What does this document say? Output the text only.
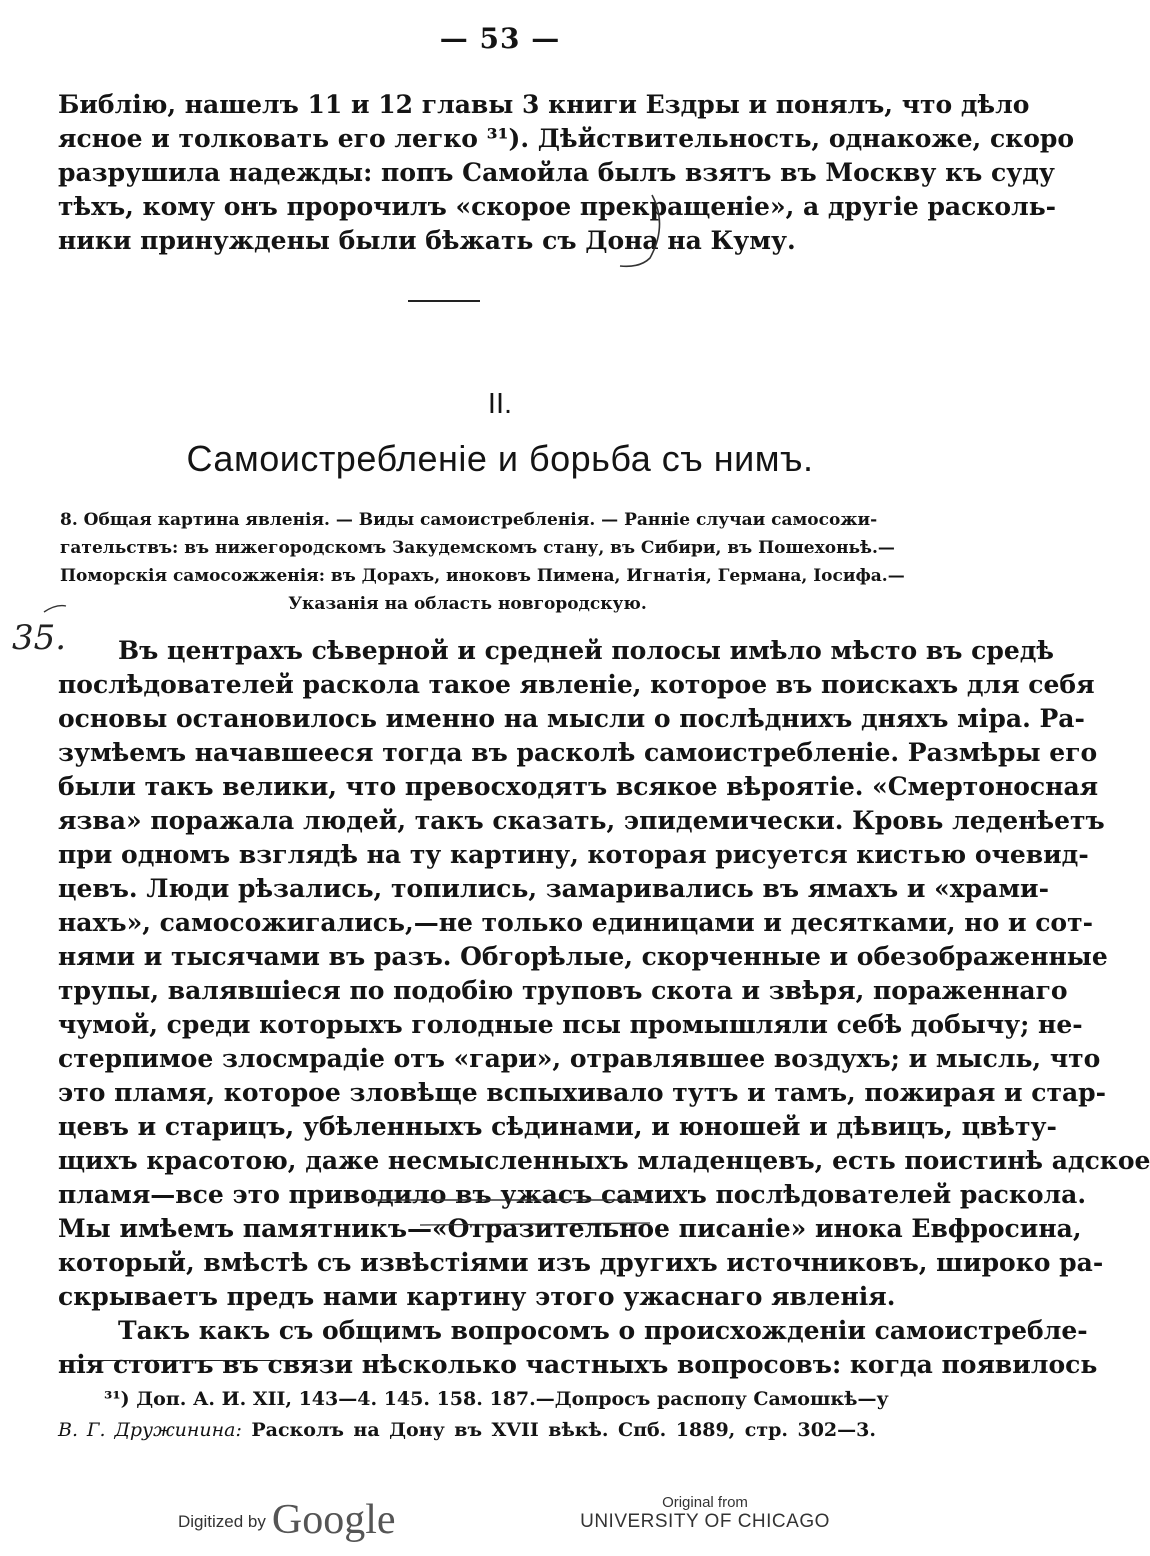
— 53 —
Библію, нашелъ 11 и 12 главы 3 книги Ездры и понялъ, что дѣло
ясное и толковать его легко ³¹). Дѣйствительность, однакоже, скоро
разрушила надежды: попъ Самойла былъ взятъ въ Москву къ суду
тѣхъ, кому онъ пророчилъ «скорое прекращеніе», а другіе расколь-
ники принуждены были бѣжать съ Дона на Куму.
II.
Самоистребленіе и борьба съ нимъ.
8. Общая картина явленія. — Виды самоистребленія. — Ранніе случаи самосожи-
гательствъ: въ нижегородскомъ Закудемскомъ стану, въ Сибири, въ Пошехоньѣ.—
Поморскія самосожженія: въ Дорахъ, иноковъ Пимена, Игнатія, Германа, Іосифа.—
Указанія на область новгородскую.
35.	Въ центрахъ сѣверной и средней полосы имѣло мѣсто въ средѣ
послѣдователей раскола такое явленіе, которое въ поискахъ для себя
основы остановилось именно на мысли о послѣднихъ дняхъ міра. Ра-
зумѣемъ начавшееся тогда въ расколѣ самоистребленіе. Размѣры его
были такъ велики, что превосходятъ всякое вѣроятіе. «Смертоносная
язва» поражала людей, такъ сказать, эпидемически. Кровь леденѣетъ
при одномъ взглядѣ на ту картину, которая рисуется кистью очевид-
цевъ. Люди рѣзались, топились, замаривались въ ямахъ и «храми-
нахъ», самосожигались,—не только единицами и десятками, но и сот-
нями и тысячами въ разъ. Обгорѣлые, скорченные и обезображенные
трупы, валявшіеся по подобію труповъ скота и звѣря, пораженнаго
чумой, среди которыхъ голодные псы промышляли себѣ добычу; не-
стерпимое злосмрадіе отъ «гари», отравлявшее воздухъ; и мысль, что
это пламя, которое зловѣще вспыхивало тутъ и тамъ, пожирая и стар-
цевъ и старицъ, убѣленныхъ сѣдинами, и юношей и дѣвицъ, цвѣту-
щихъ красотою, даже несмысленныхъ младенцевъ, есть поистинѣ адское
пламя—все это приводило въ ужасъ самихъ послѣдователей раскола.
Мы имѣемъ памятникъ—«Отразительное писаніе» инока Евфросина,
который, вмѣстѣ съ извѣстіями изъ другихъ источниковъ, широко ра-
скрываетъ предъ нами картину этого ужаснаго явленія.
Такъ какъ съ общимъ вопросомъ о происхожденіи самоистребле-
нія стоитъ въ связи нѣсколько частныхъ вопросовъ: когда появилось
³¹) Доп. А. И. XII, 143—4. 145. 158. 187.—Допросъ распопу Самошкѣ—у
В. Г. Дружинина: Расколъ на Дону въ XVII вѣкѣ. Спб. 1889, стр. 302—3.
Digitized by Google	Original from
UNIVERSITY OF CHICAGO
